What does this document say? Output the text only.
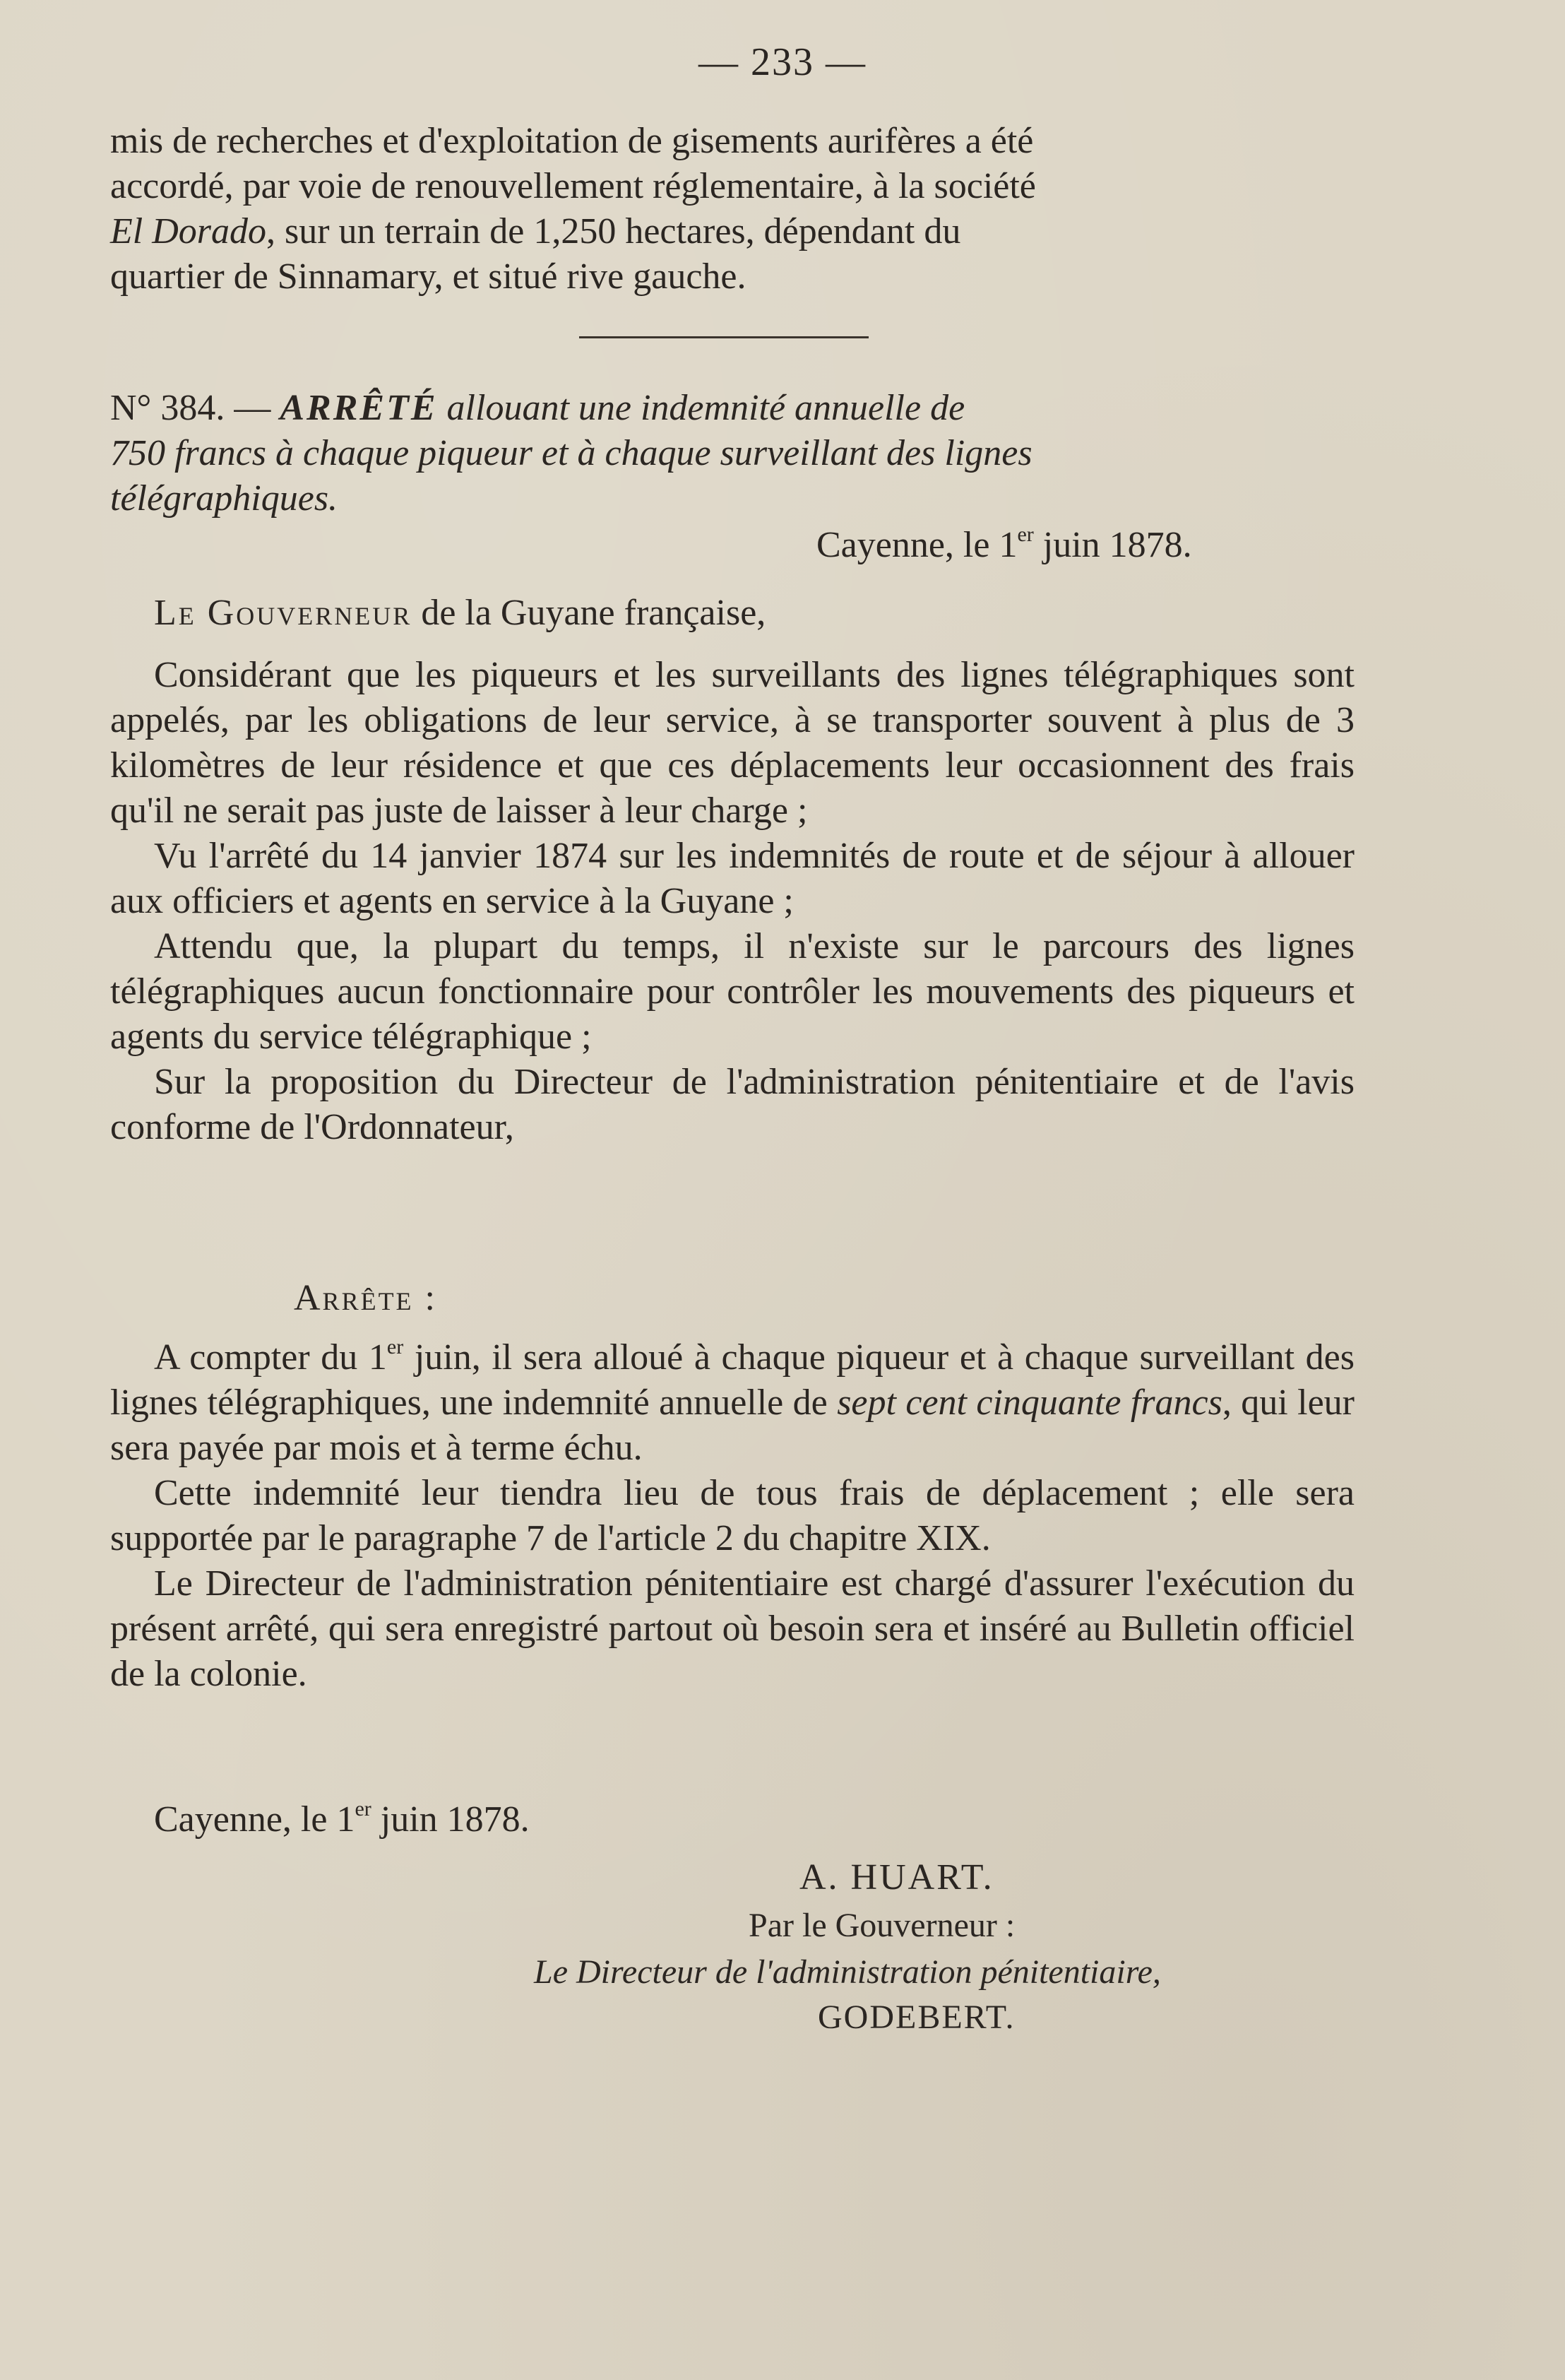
— 233 —

mis de recherches et d'exploitation de gisements aurifères a été

accordé, par voie de renouvellement réglementaire, à la société

El Dorado, sur un terrain de 1,250 hectares, dépendant du

quartier de Sinnamary, et situé rive gauche.

N° 384. — ARRÊTÉ allouant une indemnité annuelle de

750 francs à chaque piqueur et à chaque surveillant des lignes

télégraphiques.

Cayenne, le 1er juin 1878.
Le Gouverneur de la Guyane française,

Considérant que les piqueurs et les surveillants des lignes télégraphiques sont appelés, par les obligations de leur service, à se transporter souvent à plus de 3 kilomètres de leur résidence et que ces déplacements leur occasionnent des frais qu'il ne serait pas juste de laisser à leur charge ;

Vu l'arrêté du 14 janvier 1874 sur les indemnités de route et de séjour à allouer aux officiers et agents en service à la Guyane ;

Attendu que, la plupart du temps, il n'existe sur le parcours des lignes télégraphiques aucun fonctionnaire pour contrôler les mouvements des piqueurs et agents du service télégraphique ;

Sur la proposition du Directeur de l'administration pénitentiaire et de l'avis conforme de l'Ordonnateur,

Arrête :

A compter du 1er juin, il sera alloué à chaque piqueur et à chaque surveillant des lignes télégraphiques, une indemnité annuelle de sept cent cinquante francs, qui leur sera payée par mois et à terme échu.

Cette indemnité leur tiendra lieu de tous frais de déplacement ; elle sera supportée par le paragraphe 7 de l'article 2 du chapitre XIX.

Le Directeur de l'administration pénitentiaire est chargé d'assurer l'exécution du présent arrêté, qui sera enregistré partout où besoin sera et inséré au Bulletin officiel de la colonie.

Cayenne, le 1er juin 1878.
A. HUART.
Par le Gouverneur :
Le Directeur de l'administration pénitentiaire,
GODEBERT.
